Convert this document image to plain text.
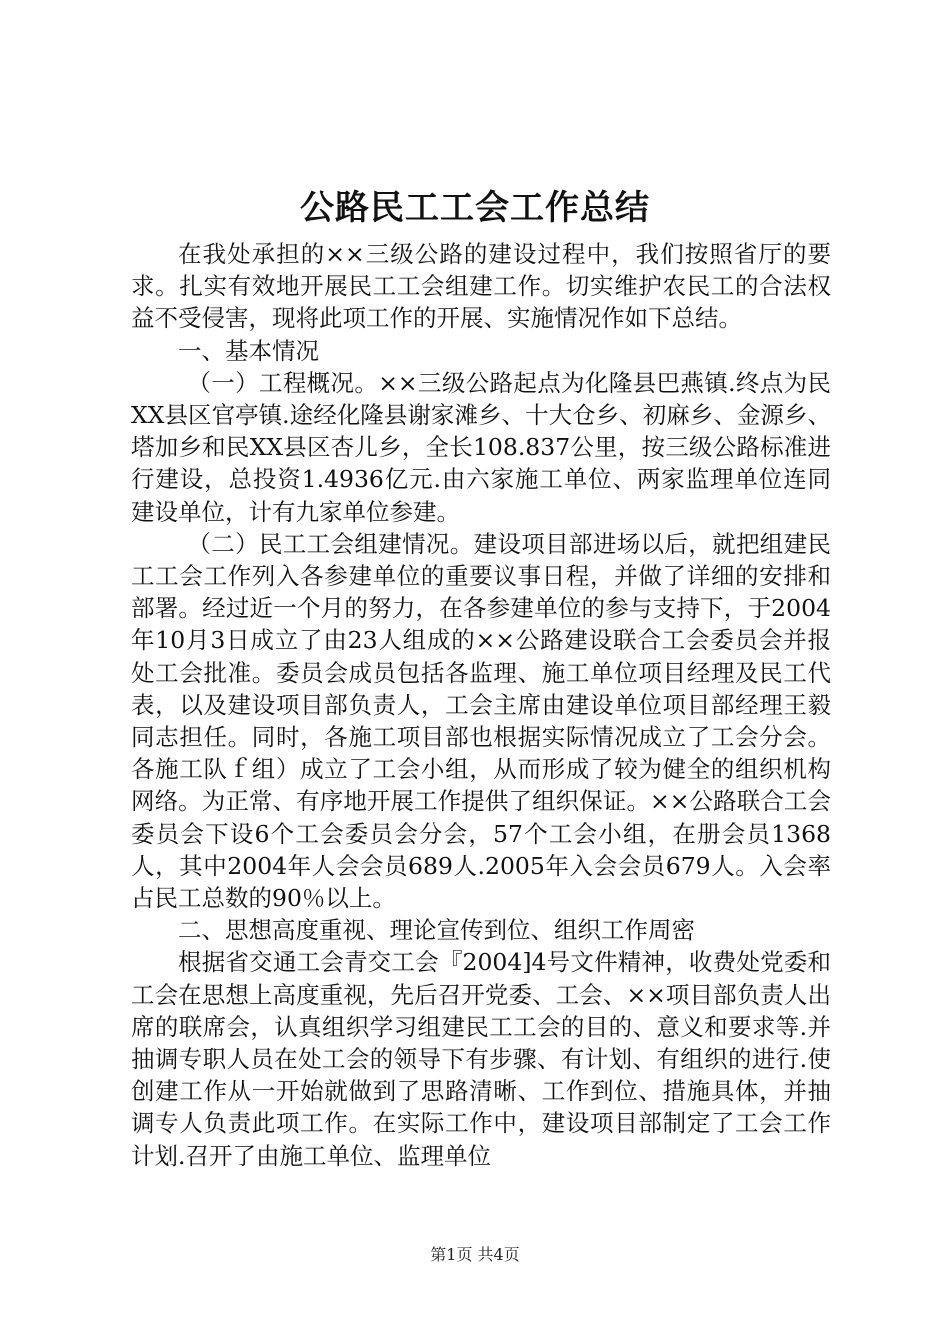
公路民工工会工作总结

在我处承担的××三级公路的建设过程中，我们按照省厅的要求。扎实有效地开展民工工会组建工作。切实维护农民工的合法权益不受侵害，现将此项工作的开展、实施情况作如下总结。

一、基本情况

（一）工程概况。××三级公路起点为化隆县巴燕镇.终点为民XX县区官亭镇.途经化隆县谢家滩乡、十大仓乡、初麻乡、金源乡、塔加乡和民XX县区杏儿乡，全长108.837公里，按三级公路标准进行建设，总投资1.4936亿元.由六家施工单位、两家监理单位连同建设单位，计有九家单位参建。

（二）民工工会组建情况。建设项目部进场以后，就把组建民工工会工作列入各参建单位的重要议事日程，并做了详细的安排和部署。经过近一个月的努力，在各参建单位的参与支持下，于2004年10月3日成立了由23人组成的××公路建设联合工会委员会并报处工会批准。委员会成员包括各监理、施工单位项目经理及民工代表，以及建设项目部负责人，工会主席由建设单位项目部经理王毅同志担任。同时，各施工项目部也根据实际情况成立了工会分会。各施工队ｆ组）成立了工会小组，从而形成了较为健全的组织机构网络。为正常、有序地开展工作提供了组织保证。××公路联合工会委员会下设6个工会委员会分会，57个工会小组，在册会员1368人，其中2004年人会会员689人.2005年入会会员679人。入会率占民工总数的90％以上。

二、思想高度重视、理论宣传到位、组织工作周密

根据省交通工会青交工会『2004]4号文件精神，收费处党委和工会在思想上高度重视，先后召开党委、工会、××项目部负责人出席的联席会，认真组织学习组建民工工会的目的、意义和要求等.并抽调专职人员在处工会的领导下有步骤、有计划、有组织的进行.使创建工作从一开始就做到了思路清晰、工作到位、措施具体，并抽调专人负责此项工作。在实际工作中，建设项目部制定了工会工作计划.召开了由施工单位、监理单位

第1页 共4页
